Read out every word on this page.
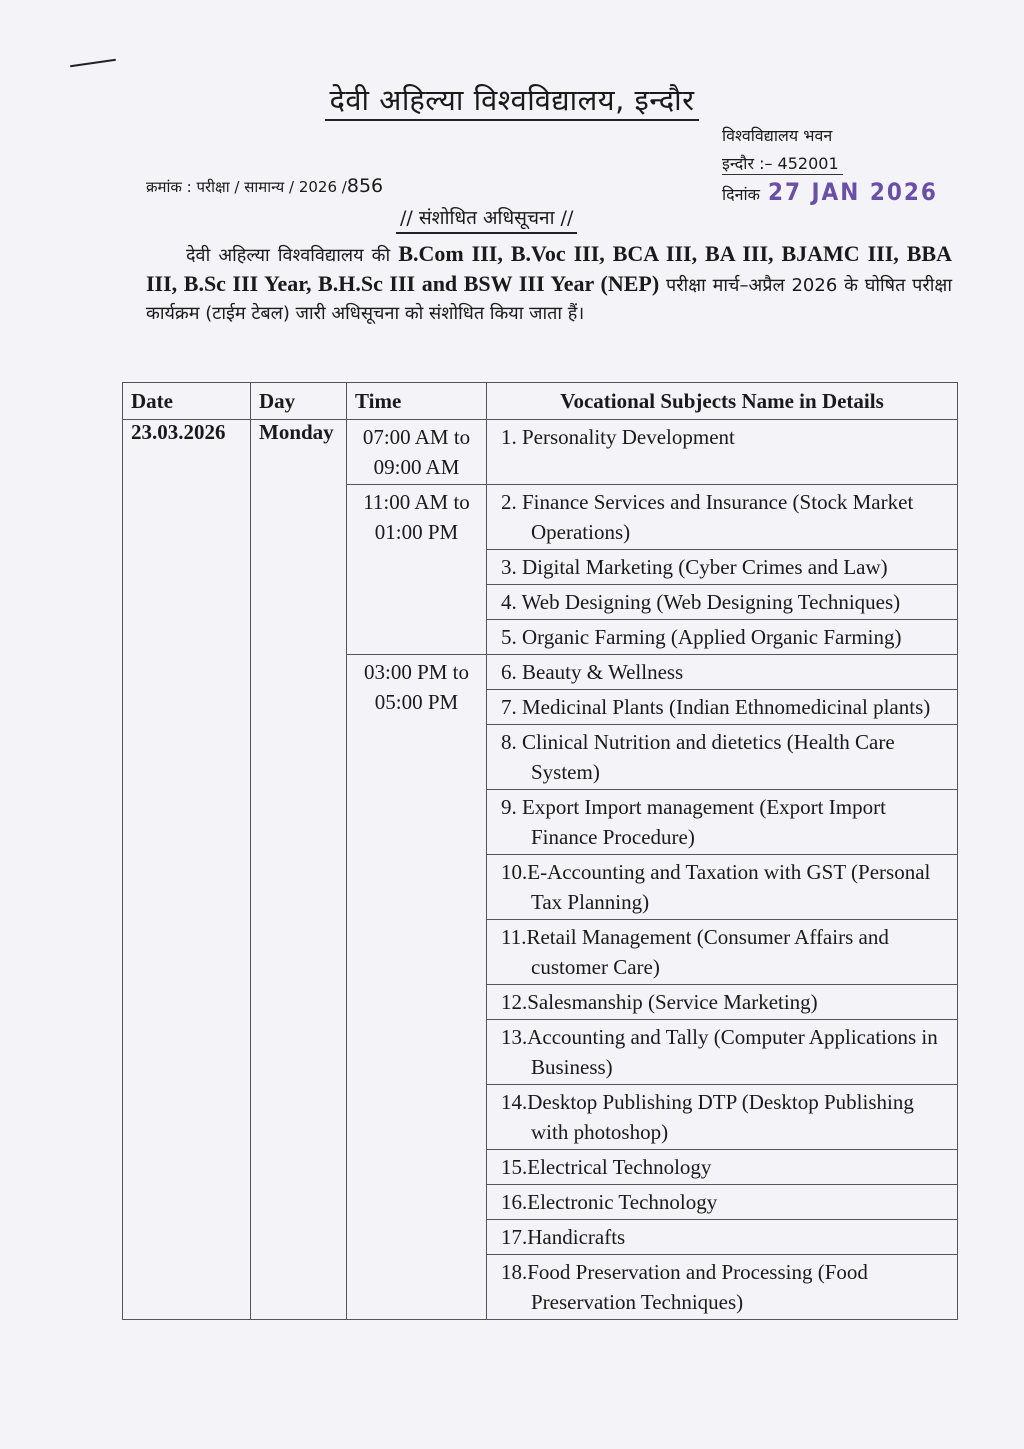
देवी अहिल्या विश्वविद्यालय, इन्दौर
विश्वविद्यालय भवन
इन्दौर :– 452001
दिनांक 27 JAN 2026
क्रमांक : परीक्षा / सामान्य / 2026 /856
// संशोधित अधिसूचना //
देवी अहिल्या विश्वविद्यालय की B.Com III, B.Voc III, BCA III, BA III, BJAMC III, BBA III, B.Sc III Year, B.H.Sc III and BSW III Year (NEP) परीक्षा मार्च–अप्रैल 2026 के घोषित परीक्षा कार्यक्रम (टाईम टेबल) जारी अधिसूचना को संशोधित किया जाता हैं।
Date	Day	Time	Vocational Subjects Name in Details
23.03.2026	Monday	07:00 AM to 09:00 AM	1. Personality Development

		11:00 AM to 01:00 PM	2. Finance Services and Insurance (Stock Market Operations)

			3. Digital Marketing (Cyber Crimes and Law)

			4. Web Designing (Web Designing Techniques)

			5. Organic Farming (Applied Organic Farming)

		03:00 PM to 05:00 PM	6. Beauty & Wellness

			7. Medicinal Plants (Indian Ethnomedicinal plants)

			8. Clinical Nutrition and dietetics (Health Care System)

			9. Export Import management (Export Import Finance Procedure)

			10.E-Accounting and Taxation with GST (Personal Tax Planning)

			11.Retail Management (Consumer Affairs and customer Care)

			12.Salesmanship (Service Marketing)

			13.Accounting and Tally (Computer Applications in Business)

			14.Desktop Publishing DTP (Desktop Publishing with photoshop)

			15.Electrical Technology

			16.Electronic Technology

			17.Handicrafts

			18.Food Preservation and Processing (Food Preservation Techniques)
